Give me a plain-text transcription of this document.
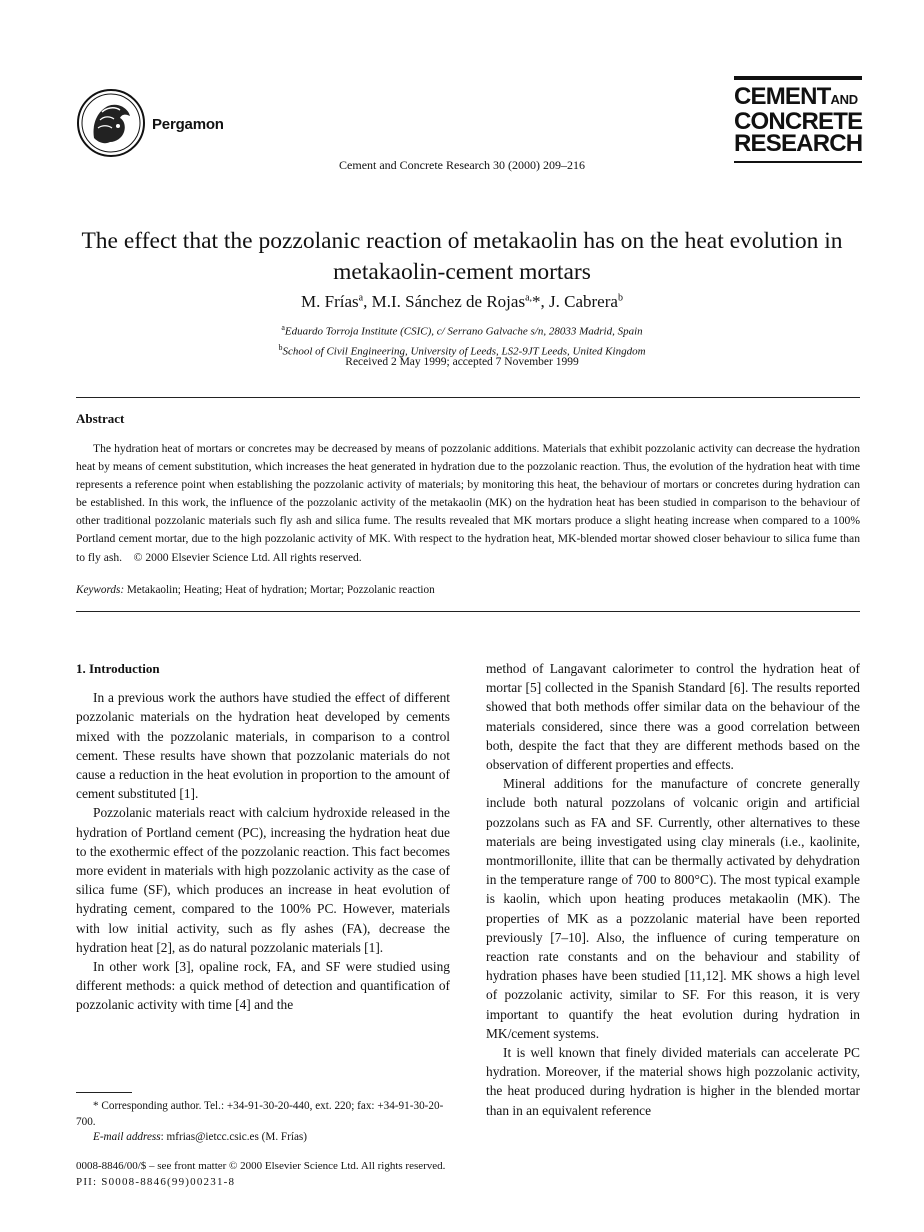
Pergamon
Cement and Concrete Research 30 (2000) 209–216
CEMENTAND
CONCRETE
RESEARCH
The effect that the pozzolanic reaction of metakaolin has on the heat evolution in metakaolin-cement mortars
M. Frías$^a$, M.I. Sánchez de Rojas$^{a,}$*, J. Cabrera$^b$
$^a$Eduardo Torroja Institute (CSIC), c/ Serrano Galvache s/n, 28033 Madrid, Spain
$^b$School of Civil Engineering, University of Leeds, LS2-9JT Leeds, United Kingdom
Received 2 May 1999; accepted 7 November 1999
Abstract
The hydration heat of mortars or concretes may be decreased by means of pozzolanic additions. Materials that exhibit pozzolanic activity can decrease the hydration heat by means of cement substitution, which increases the heat generated in hydration due to the pozzolanic reaction. Thus, the evolution of the hydration heat with time represents a reference point when establishing the pozzolanic activity of materials; by monitoring this heat, the behaviour of mortars or concretes during hydration can be established. In this work, the influence of the pozzolanic activity of the metakaolin (MK) on the hydration heat has been studied in comparison to the behaviour of other traditional pozzolanic materials such fly ash and silica fume. The results revealed that MK mortars produce a slight heating increase when compared to a 100% Portland cement mortar, due to the high pozzolanic activity of MK. With respect to the hydration heat, MK-blended mortar showed closer behaviour to silica fume than to fly ash. © 2000 Elsevier Science Ltd. All rights reserved.
Keywords: Metakaolin; Heating; Heat of hydration; Mortar; Pozzolanic reaction

1. Introduction

In a previous work the authors have studied the effect of different pozzolanic materials on the hydration heat developed by cements mixed with the pozzolanic materials, in comparison to a control cement. These results have shown that pozzolanic materials do not cause a reduction in the heat evolution in proportion to the amount of cement substituted [1].

Pozzolanic materials react with calcium hydroxide released in the hydration of Portland cement (PC), increasing the hydration heat due to the exothermic effect of the pozzolanic reaction. This fact becomes more evident in materials with high pozzolanic activity as the case of silica fume (SF), which produces an increase in heat evolution of hydrating cement, compared to the 100% PC. However, materials with low initial activity, such as fly ashes (FA), decrease the hydration heat [2], as do natural pozzolanic materials [1].

In other work [3], opaline rock, FA, and SF were studied using different methods: a quick method of detection and quantification of pozzolanic activity with time [4] and the

method of Langavant calorimeter to control the hydration heat of mortar [5] collected in the Spanish Standard [6]. The results reported showed that both methods offer similar data on the behaviour of the materials considered, since there was a good correlation between both, despite the fact that they are different methods based on the observation of different properties and effects.

Mineral additions for the manufacture of concrete generally include both natural pozzolans of volcanic origin and artificial pozzolans such as FA and SF. Currently, other alternatives to these materials are being investigated using clay minerals (i.e., kaolinite, montmorillonite, illite that can be thermally activated by dehydration in the temperature range of 700 to 800°C). The most typical example is kaolin, which upon heating produces metakaolin (MK). The properties of MK as a pozzolanic material have been reported previously [7–10]. Also, the influence of curing temperature on reaction rate constants and on the behaviour and stability of hydration phases have been studied [11,12]. MK shows a high level of pozzolanic activity, similar to SF. For this reason, it is very important to quantify the heat evolution during hydration in MK/cement systems.

It is well known that finely divided materials can accelerate PC hydration. Moreover, if the material shows high pozzolanic activity, the heat produced during hydration is higher in the blended mortar than in an equivalent reference

* Corresponding author. Tel.: +34-91-30-20-440, ext. 220; fax: +34-91-30-20-700.

E-mail address: mfrias@ietcc.csic.es (M. Frías)

0008-8846/00/$ – see front matter © 2000 Elsevier Science Ltd. All rights reserved.
PII: S0008-8846(99)00231-8
